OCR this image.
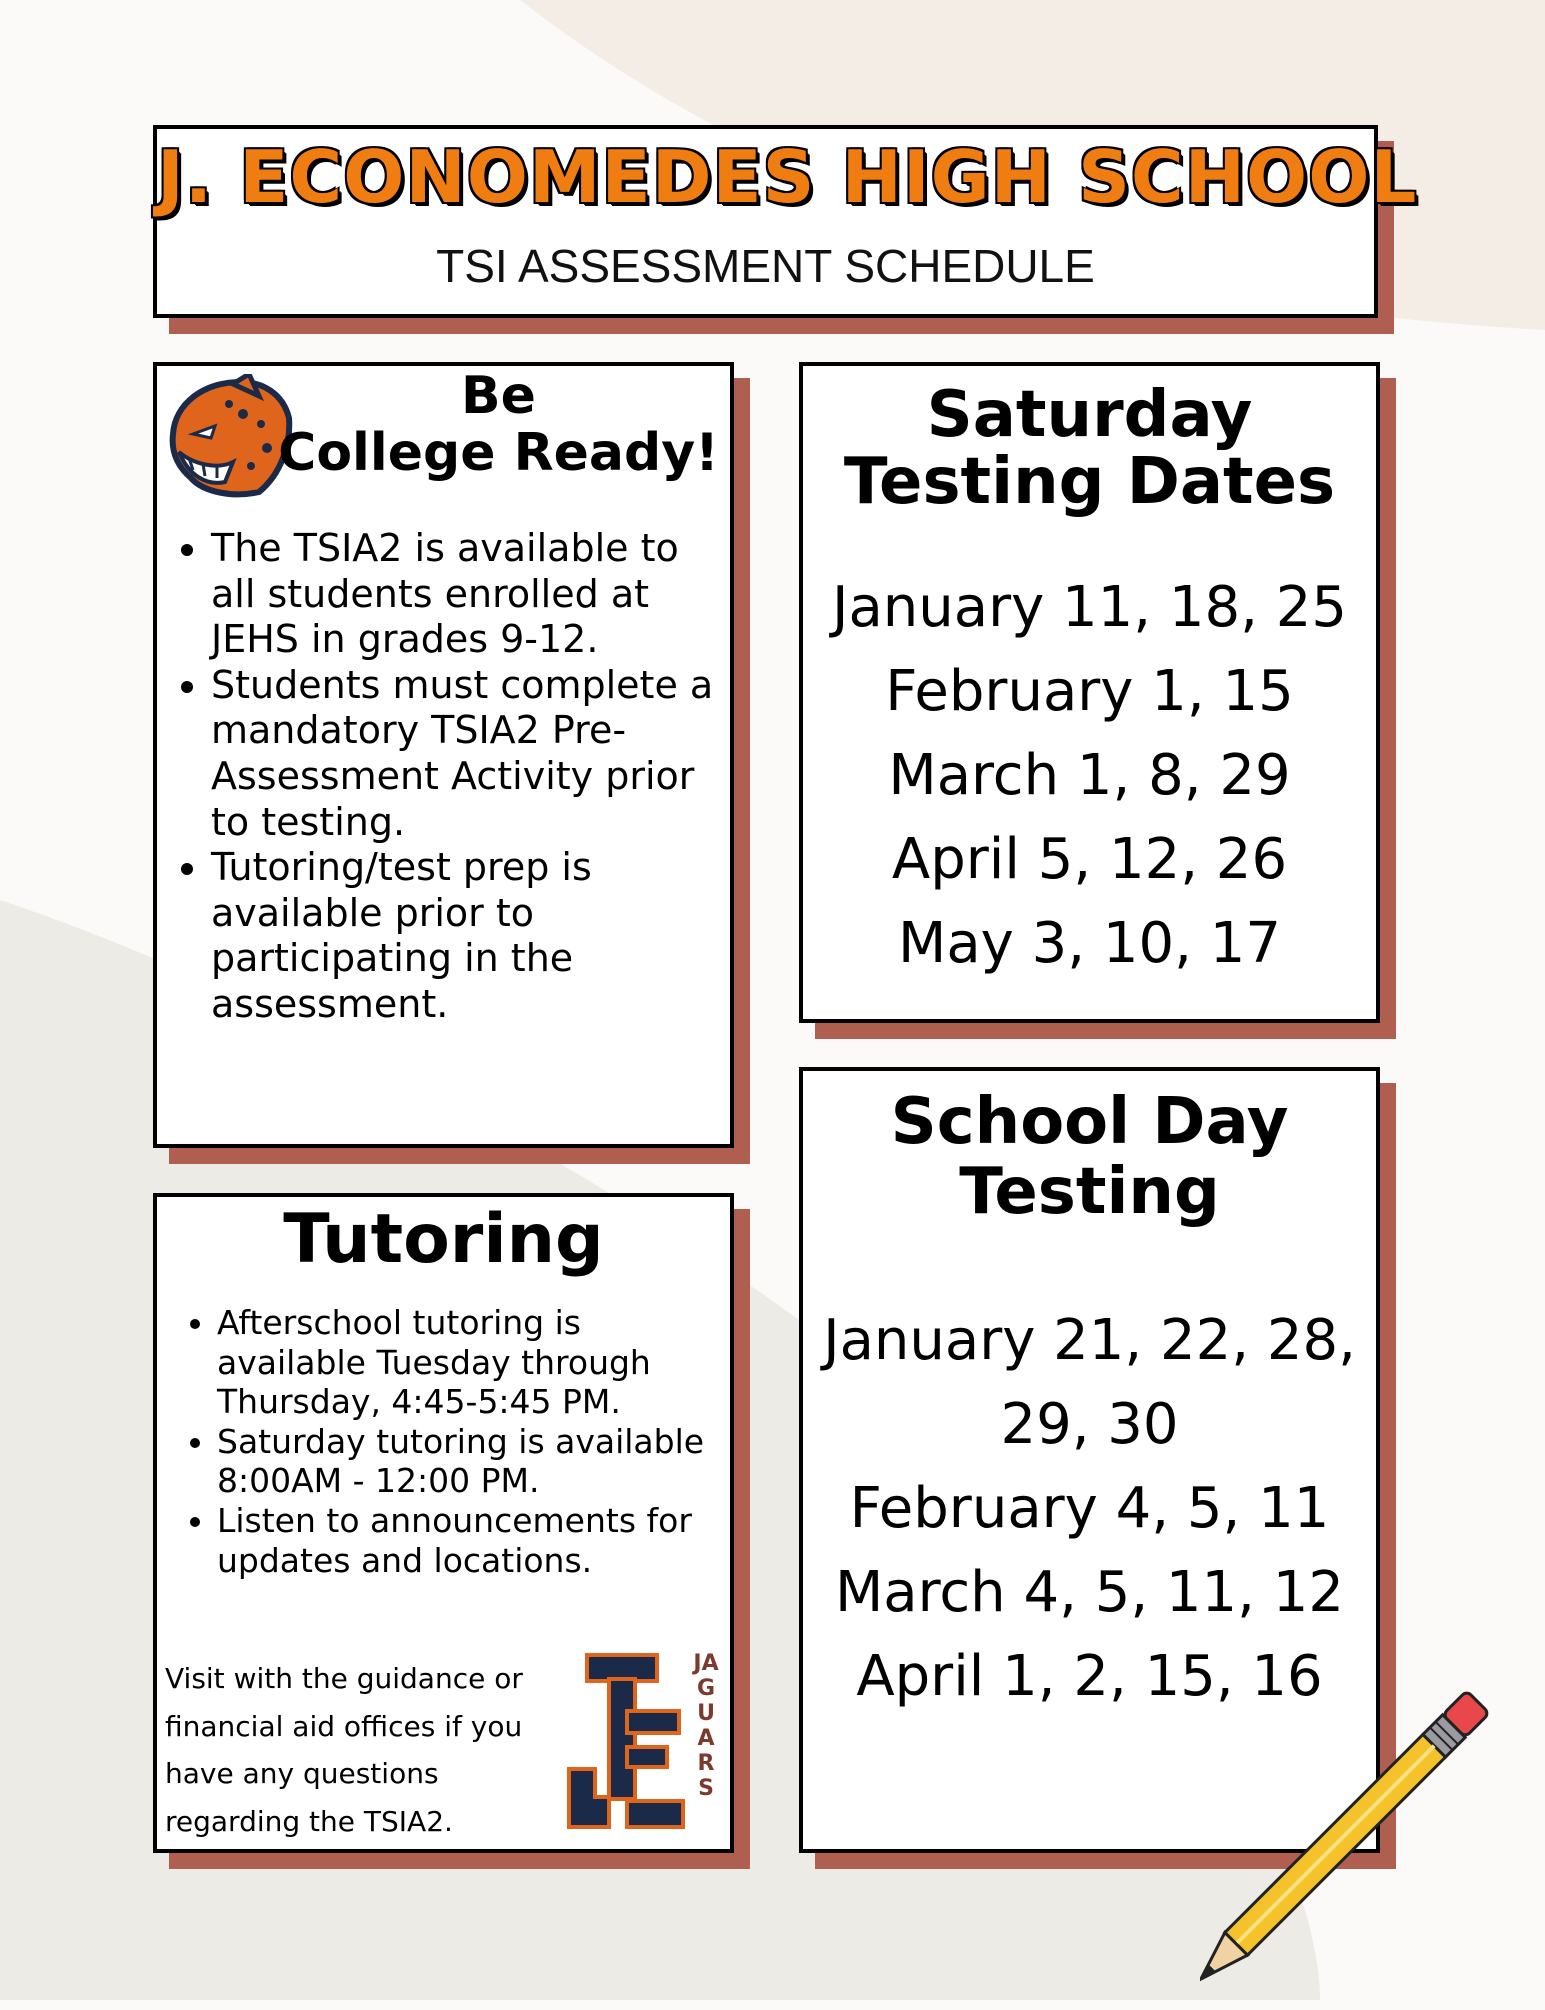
J. ECONOMEDES HIGH SCHOOL
TSI ASSESSMENT SCHEDULE
Be
College Ready!
• The TSIA2 is available to all students enrolled at JEHS in grades 9-12.
• Students must complete a mandatory TSIA2 Pre-Assessment Activity prior to testing.
• Tutoring/test prep is available prior to participating in the assessment.
Saturday
Testing Dates
January 11, 18, 25
February 1, 15
March 1, 8, 29
April 5, 12, 26
May 3, 10, 17
Tutoring
• Afterschool tutoring is available Tuesday through Thursday, 4:45-5:45 PM.
• Saturday tutoring is available 8:00AM - 12:00 PM.
• Listen to announcements for updates and locations.
Visit with the guidance or financial aid offices if you have any questions regarding the TSIA2.
JAGUARS
School Day
Testing
January 21, 22, 28,
29, 30
February 4, 5, 11
March 4, 5, 11, 12
April 1, 2, 15, 16
